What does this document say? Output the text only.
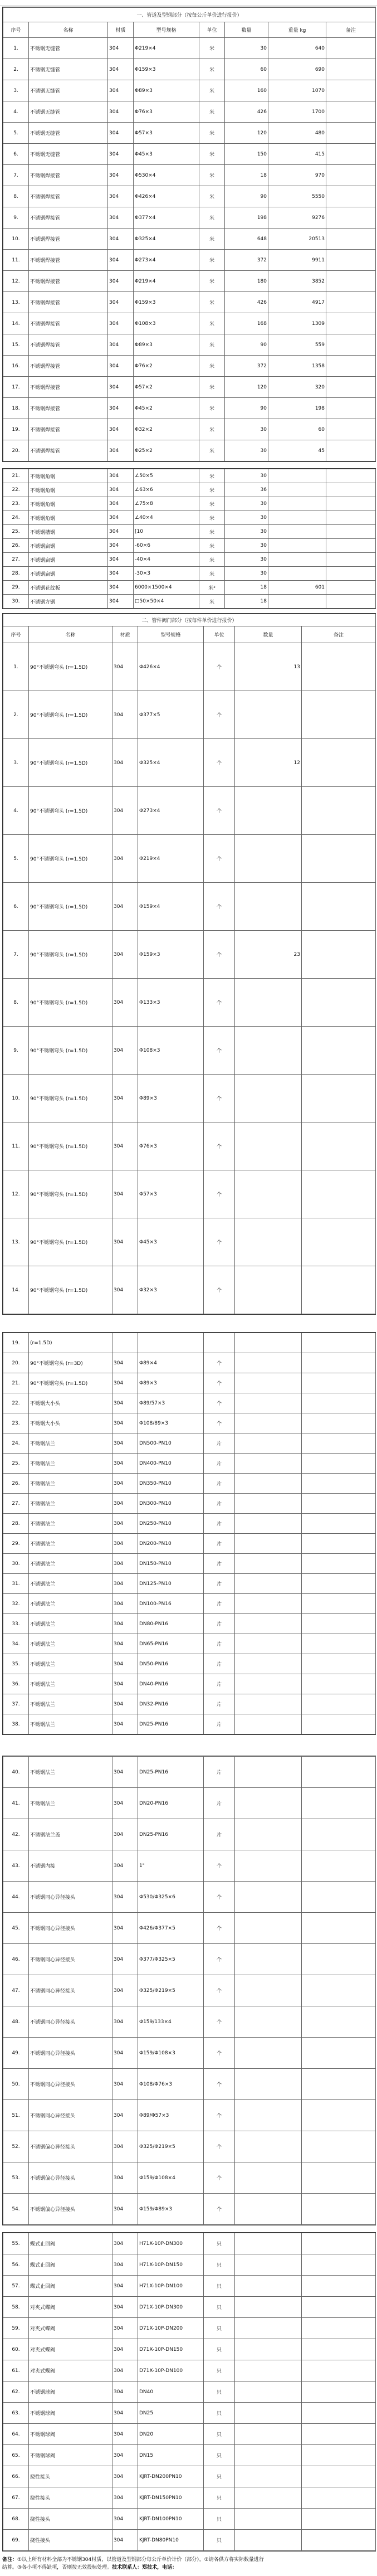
一、管道及型钢部分（按每公斤单价进行报价）							
序号	名称	材质	型号规格	单位	数量	重量 kg	备注
1.	不锈钢无缝管	304	Φ219×4	米	30	640	
2.	不锈钢无缝管	304	Φ159×3	米	60	690	
3.	不锈钢无缝管	304	Φ89×3	米	160	1070	
4.	不锈钢无缝管	304	Φ76×3	米	426	1700	
5.	不锈钢无缝管	304	Φ57×3	米	120	480	
6.	不锈钢无缝管	304	Φ45×3	米	150	415	
7.	不锈钢焊接管	304	Φ530×4	米	18	970	
8.	不锈钢焊接管	304	Φ426×4	米	90	5550	
9.	不锈钢焊接管	304	Φ377×4	米	198	9276	
10.	不锈钢焊接管	304	Φ325×4	米	648	20513	
11.	不锈钢焊接管	304	Φ273×4	米	372	9911	
12.	不锈钢焊接管	304	Φ219×4	米	180	3852	
13.	不锈钢焊接管	304	Φ159×3	米	426	4917	
14.	不锈钢焊接管	304	Φ108×3	米	168	1309	
15.	不锈钢焊接管	304	Φ89×3	米	90	559	
16.	不锈钢焊接管	304	Φ76×2	米	372	1358	
17.	不锈钢焊接管	304	Φ57×2	米	120	320	
18.	不锈钢焊接管	304	Φ45×2	米	90	198	
19.	不锈钢焊接管	304	Φ32×2	米	30	60	
20.	不锈钢焊接管	304	Φ25×2	米	30	45	
21.	不锈钢角钢	304	∠50×5	米	30		
22.	不锈钢角钢	304	∠63×6	米	36		
23.	不锈钢角钢	304	∠75×8	米	30		
24.	不锈钢角钢	304	∠40×4	米	30		
25.	不锈钢槽钢	304	[10	米	30		
26.	不锈钢扁钢	304	-60×6	米	30		
27.	不锈钢扁钢	304	-40×4	米	30		
28.	不锈钢扁钢	304	-30×3	米	30		
29.	不锈钢花纹板	304	6000×1500×4	米²	18	601	
30.	不锈钢方钢	304	□50×50×4	米	18		
二、管件阀门部分（按每件单价进行报价）						
序号	名称	材质	型号规格	单位	数量	备注
1.	90°不锈钢弯头 (r=1.5D)	304	Φ426×4	个	13	
2.	90°不锈钢弯头 (r=1.5D)	304	Φ377×5	个		
3.	90°不锈钢弯头 (r=1.5D)	304	Φ325×4	个	12	
4.	90°不锈钢弯头 (r=1.5D)	304	Φ273×4	个		
5.	90°不锈钢弯头 (r=1.5D)	304	Φ219×4	个		
6.	90°不锈钢弯头 (r=1.5D)	304	Φ159×4	个		
7.	90°不锈钢弯头 (r=1.5D)	304	Φ159×3	个	23	
8.	90°不锈钢弯头 (r=1.5D)	304	Φ133×3	个		
9.	90°不锈钢弯头 (r=1.5D)	304	Φ108×3	个		
10.	90°不锈钢弯头 (r=1.5D)	304	Φ89×3	个		
11.	90°不锈钢弯头 (r=1.5D)	304	Φ76×3	个		
12.	90°不锈钢弯头 (r=1.5D)	304	Φ57×3	个		
13.	90°不锈钢弯头 (r=1.5D)	304	Φ45×3	个		
14.	90°不锈钢弯头 (r=1.5D)	304	Φ32×3	个		
19.	(r=1.5D)					
20.	90°不锈钢弯头 (r=3D)	304	Φ89×4	个		
21.	90°不锈钢弯头 (r=1.5D)	304	Φ89×3	个		
22.	不锈钢大小头	304	Φ89/57×3	个		
23.	不锈钢大小头	304	Φ108/89×3	个		
24.	不锈钢法兰	304	DN500-PN10	片		
25.	不锈钢法兰	304	DN400-PN10	片		
26.	不锈钢法兰	304	DN350-PN10	片		
27.	不锈钢法兰	304	DN300-PN10	片		
28.	不锈钢法兰	304	DN250-PN10	片		
29.	不锈钢法兰	304	DN200-PN10	片		
30.	不锈钢法兰	304	DN150-PN10	片		
31.	不锈钢法兰	304	DN125-PN10	片		
32.	不锈钢法兰	304	DN100-PN16	片		
33.	不锈钢法兰	304	DN80-PN16	片		
34.	不锈钢法兰	304	DN65-PN16	片		
35.	不锈钢法兰	304	DN50-PN16	片		
36.	不锈钢法兰	304	DN40-PN16	片		
37.	不锈钢法兰	304	DN32-PN16	片		
38.	不锈钢法兰	304	DN25-PN16	片		
40.	不锈钢法兰	304	DN25-PN16	片		
41.	不锈钢法兰	304	DN20-PN16	片		
42.	不锈钢法兰盖	304	DN25-PN16	片		
43.	不锈钢内接	304	1"	个		
44.	不锈钢同心异径接头	304	Φ530/Φ325×6	个		
45.	不锈钢同心异径接头	304	Φ426/Φ377×5	个		
46.	不锈钢同心异径接头	304	Φ377/Φ325×5	个		
47.	不锈钢同心异径接头	304	Φ325/Φ219×5	个		
48.	不锈钢同心异径接头	304	Φ159/133×4	个		
49.	不锈钢同心异径接头	304	Φ159/Φ108×3	个		
50.	不锈钢同心异径接头	304	Φ108/Φ76×3	个		
51.	不锈钢同心异径接头	304	Φ89/Φ57×3	个		
52.	不锈钢偏心异径接头	304	Φ325/Φ219×5	个		
53.	不锈钢偏心异径接头	304	Φ159/Φ108×4	个		
54.	不锈钢偏心异径接头	304	Φ159/Φ89×3	个		
55.	蝶式止回阀	304	H71X-10P-DN300	只		
56.	蝶式止回阀	304	H71X-10P-DN150	只		
57.	蝶式止回阀	304	H71X-10P-DN100	只		
58.	对夹式蝶阀	304	D71X-10P-DN300	只		
59.	对夹式蝶阀	304	D71X-10P-DN200	只		
60.	对夹式蝶阀	304	D71X-10P-DN150	只		
61.	对夹式蝶阀	304	D71X-10P-DN100	只		
62.	不锈钢球阀	304	DN40	只		
63.	不锈钢球阀	304	DN25	只		
64.	不锈钢球阀	304	DN20	只		
65.	不锈钢球阀	304	DN15	只		
66.	挠性接头	304	KJRT-DN200PN10	只		
67.	挠性接头	304	KJRT-DN150PN10	只		
68.	挠性接头	304	KJRT-DN100PN10	只		
69.	挠性接头	304	KJRT-DN80PN10	只		
备注：①以上所有材料全部为不锈钢304材质，以管道及型钢部分每公斤单价计价（部分），②请各供方将实际数量进行
结算。③各小项不得缺项，否则按无效投标处理。技术联系人：郑技术，电话：
